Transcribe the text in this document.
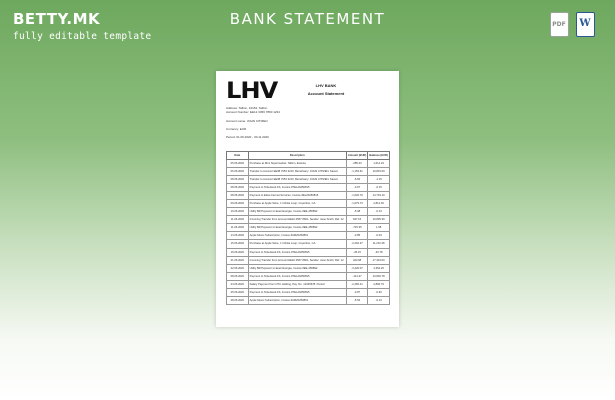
BETTY.MK
fully editable template
BANK STATEMENT	PDF W
LHV	LHV BANK
Account Statement
Address: Tallinn, 10152, Tallinn
Account Number: EE12 3456 7890 1234
Account name: JOHN CITIZEN
Currency: EUR
Period: 01.06.2020 - 30.11.2020
Date	Description	Amount (EUR)	Balance (EUR)
05.06.2020	Purchase at Rimi Supermarket, Tallinn, Estonia	-285.23	1,614.23
06.06.2020	Transfer to Account EE98 7654 3210, Beneficiary: JOHN CITIZEN, Saved	-1,153.61	10,801.09
08.06.2020	Transfer to Account EE98 7654 3210, Beneficiary: JOHN CITIZEN, Saved	-5.84	-1.15
08.06.2020	Payment to Telia Eesti AS, Invoice #TEL20250815	-3.67	-0.15
08.06.2020	Payment to Elisa Internet Services, Invoice #EL20250815	-1,026.79	14,734.10
09.06.2020	Purchase at Apple Store, 1 Infinite Loop, Cupertino, CA	-1,079.73	2,814.46
10.06.2020	Utility Bill Payment to Eesti Energia, Invoice #EE-456892	-5.38	-0.13
11.06.2020	Incoming Transfer from Account EE22 4567 8901, Sender: Jane Smith, Ref: 12	637.16	10,835.30
11.06.2020	Utility Bill Payment to Eesti Energia, Invoice #EE-456892	-715.35	1.68
14.06.2020	Apple Music Subscription, Invoice #AM20250801	-3.85	-0.03
15.06.2020	Purchase at Apple Store, 1 Infinite Loop, Cupertino, CA	-2,294.37	11,210.48
16.06.2020	Payment to Telia Eesti AS, Invoice #TEL20250815	-45.15	-33.78
21.06.2020	Incoming Transfer from Account EE22 4567 8901, Sender: Jane Smith, Ref: 12	422.68	17,324.00
22.06.2020	Utility Bill Payment to Eesti Energia, Invoice #EE-456892	-3,426.07	4,352.26
08.06.2020	Payment to Telia Eesti AS, Invoice #TEL20250815	-141.37	10,802.78
24.06.2020	Salary Payment from NTC Holding, Pay. No. 12345678, Period	-2,465.41	2,896.79
25.06.2020	Payment to Telia Eesti AS, Invoice #TEL20250815	-3.87	-0.60
28.06.2020	Apple Music Subscription, Invoice #AM20250801	-5.52	-0.13
